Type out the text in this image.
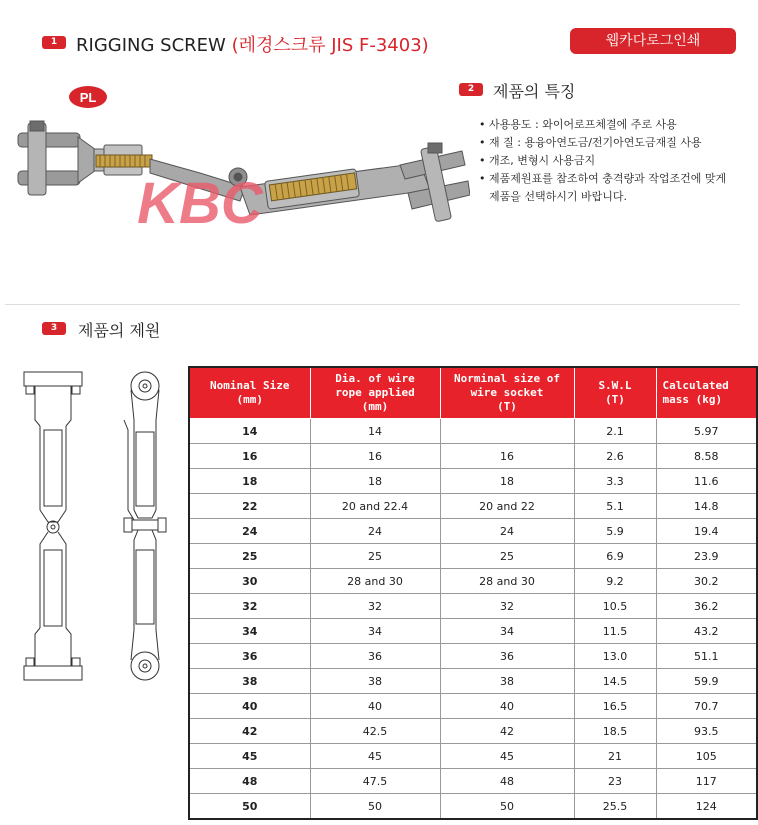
1	RIGGING SCREW (레경스크류 JIS F-3403)	웹카다로그인쇄
PL
KBC
2	제품의 특징
• 사용용도 : 와이어로프체결에 주로 사용
• 재 질 : 용융아연도금/전기아연도금재질 사용
• 개조, 변형시 사용금지
• 제품제원표를 참조하여 충격량과 작업조건에 맞게
제품을 선택하시기 바랍니다.
3	제품의 제원
Nominal Size
(mm)	Dia. of wire
rope applied
(mm)	Norminal size of
wire socket
(T)	S.W.L
(T)	Calculated
mass (kg)
14	14		2.1	5.97
16	16	16	2.6	8.58
18	18	18	3.3	11.6
22	20 and 22.4	20 and 22	5.1	14.8
24	24	24	5.9	19.4
25	25	25	6.9	23.9
30	28 and 30	28 and 30	9.2	30.2
32	32	32	10.5	36.2
34	34	34	11.5	43.2
36	36	36	13.0	51.1
38	38	38	14.5	59.9
40	40	40	16.5	70.7
42	42.5	42	18.5	93.5
45	45	45	21	105
48	47.5	48	23	117
50	50	50	25.5	124
